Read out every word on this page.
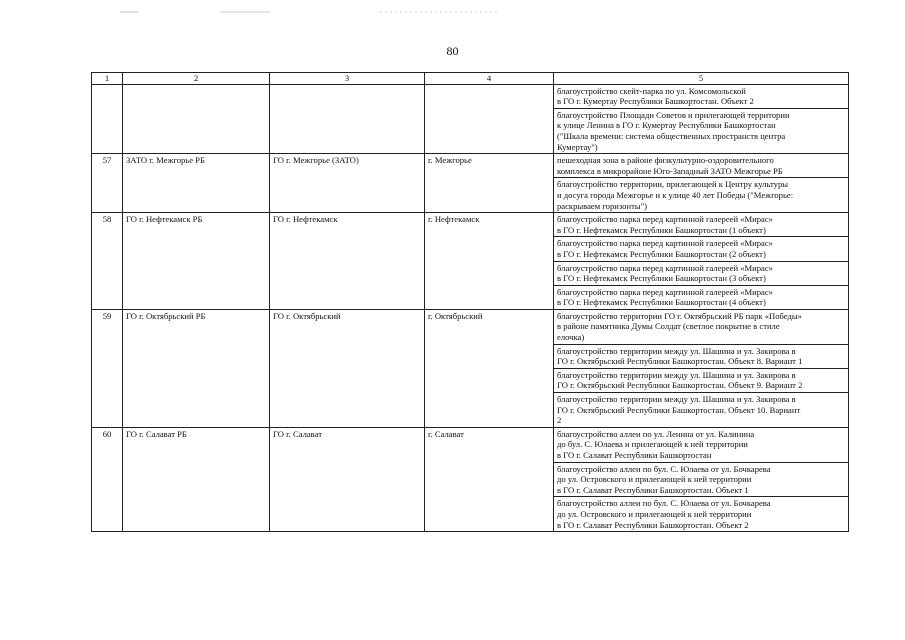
80
1	2	3	4	5
				благоустройство скейт-парка по ул. Комсомольской
в ГО г. Кумертау Республики Башкортостан. Объект 2
				благоустройство Площади Советов и прилегающей территории
к улице Ленина в ГО г. Кумертау Республики Башкортостан
("Шкала времени: система общественных пространств центра
Кумертау")
57	ЗАТО г. Межгорье РБ	ГО г. Межгорье (ЗАТО)	г. Межгорье	пешеходная зона в районе физкультурно-оздоровительного
комплекса в микрорайоне Юго-Западный ЗАТО Межгорье РБ
				благоустройство территории, прилегающей к Центру культуры
и досуга города Межгорье и к улице 40 лет Победы ("Межгорье:
раскрываем горизонты")
58	ГО г. Нефтекамск РБ	ГО г. Нефтекамск	г. Нефтекамск	благоустройство парка перед картинной галереей «Мирас»
в ГО г. Нефтекамск Республики Башкортостан (1 объект)
				благоустройство парка перед картинной галереей «Мирас»
в ГО г. Нефтекамск Республики Башкортостан (2 объект)
				благоустройство парка перед картинной галереей «Мирас»
в ГО г. Нефтекамск Республики Башкортостан (3 объект)
				благоустройство парка перед картинной галереей «Мирас»
в ГО г. Нефтекамск Республики Башкортостан (4 объект)
59	ГО г. Октябрьский РБ	ГО г. Октябрьский	г. Октябрьский	благоустройство территории ГО г. Октябрьский РБ парк «Победы»
в районе памятника Думы Солдат (светлое покрытие в стиле
елочка)
				благоустройство территории между ул. Шашина и ул. Закирова в
ГО г. Октябрьский Республики Башкортостан. Объект 8. Вариант 1
				благоустройство территории между ул. Шашина и ул. Закирова в
ГО г. Октябрьский Республики Башкортостан. Объект 9. Вариант 2
				благоустройство территории между ул. Шашина и ул. Закирова в
ГО г. Октябрьский Республики Башкортостан. Объект 10. Вариант
2
60	ГО г. Салават РБ	ГО г. Салават	г. Салават	благоустройство аллеи по ул. Ленина от ул. Калинина
до бул. С. Юлаева и прилегающей к ней территории
в ГО г. Салават Республики Башкортостан
				благоустройство аллеи по бул. С. Юлаева от ул. Бочкарева
до ул. Островского и прилегающей к ней территории
в ГО г. Салават Республики Башкортостан. Объект 1
				благоустройство аллеи по бул. С. Юлаева от ул. Бочкарева
до ул. Островского и прилегающей к ней территории
в ГО г. Салават Республики Башкортостан. Объект 2
